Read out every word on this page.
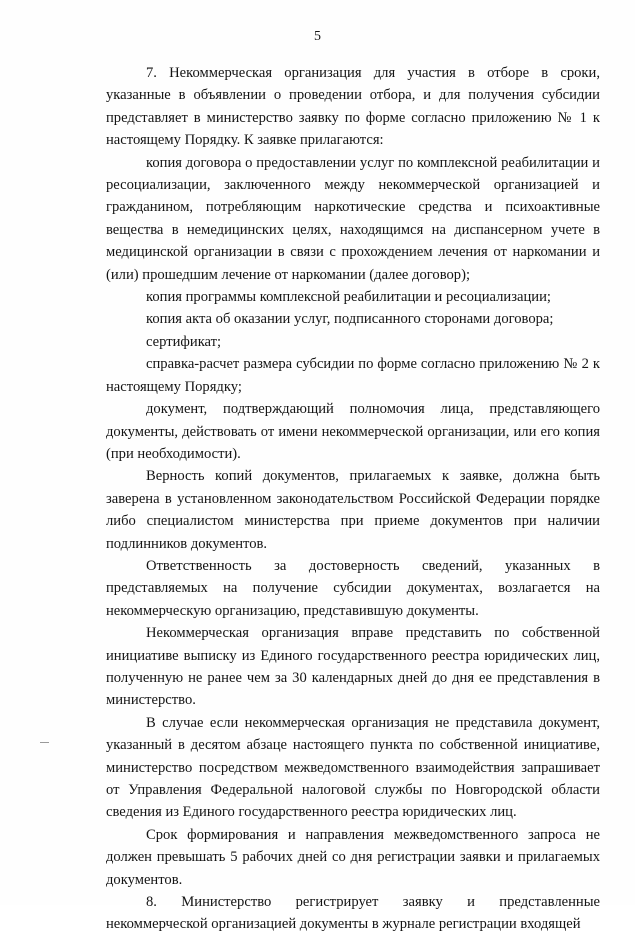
5

7. Некоммерческая организация для участия в отборе в сроки, указанные в объявлении о проведении отбора, и для получения субсидии представляет в министерство заявку по форме согласно приложению № 1 к настоящему Порядку. К заявке прилагаются:

копия договора о предоставлении услуг по комплексной реабилитации и ресоциализации, заключенного между некоммерческой организацией и гражданином, потребляющим наркотические средства и психоактивные вещества в немедицинских целях, находящимся на диспансерном учете в медицинской организации в связи с прохождением лечения от наркомании и (или) прошедшим лечение от наркомании (далее договор);

копия программы комплексной реабилитации и ресоциализации;

копия акта об оказании услуг, подписанного сторонами договора;

сертификат;

справка-расчет размера субсидии по форме согласно приложению № 2 к настоящему Порядку;

документ, подтверждающий полномочия лица, представляющего документы, действовать от имени некоммерческой организации, или его копия (при необходимости).

Верность копий документов, прилагаемых к заявке, должна быть заверена в установленном законодательством Российской Федерации порядке либо специалистом министерства при приеме документов при наличии подлинников документов.

Ответственность за достоверность сведений, указанных в представляемых на получение субсидии документах, возлагается на некоммерческую организацию, представившую документы.

Некоммерческая организация вправе представить по собственной инициативе выписку из Единого государственного реестра юридических лиц, полученную не ранее чем за 30 календарных дней до дня ее представления в министерство.

В случае если некоммерческая организация не представила документ, указанный в десятом абзаце настоящего пункта по собственной инициативе, министерство посредством межведомственного взаимодействия запрашивает от Управления Федеральной налоговой службы по Новгородской области сведения из Единого государственного реестра юридических лиц.

Срок формирования и направления межведомственного запроса не должен превышать 5 рабочих дней со дня регистрации заявки и прилагаемых документов.

8. Министерство регистрирует заявку и представленные некоммерческой организацией документы в журнале регистрации входящей
